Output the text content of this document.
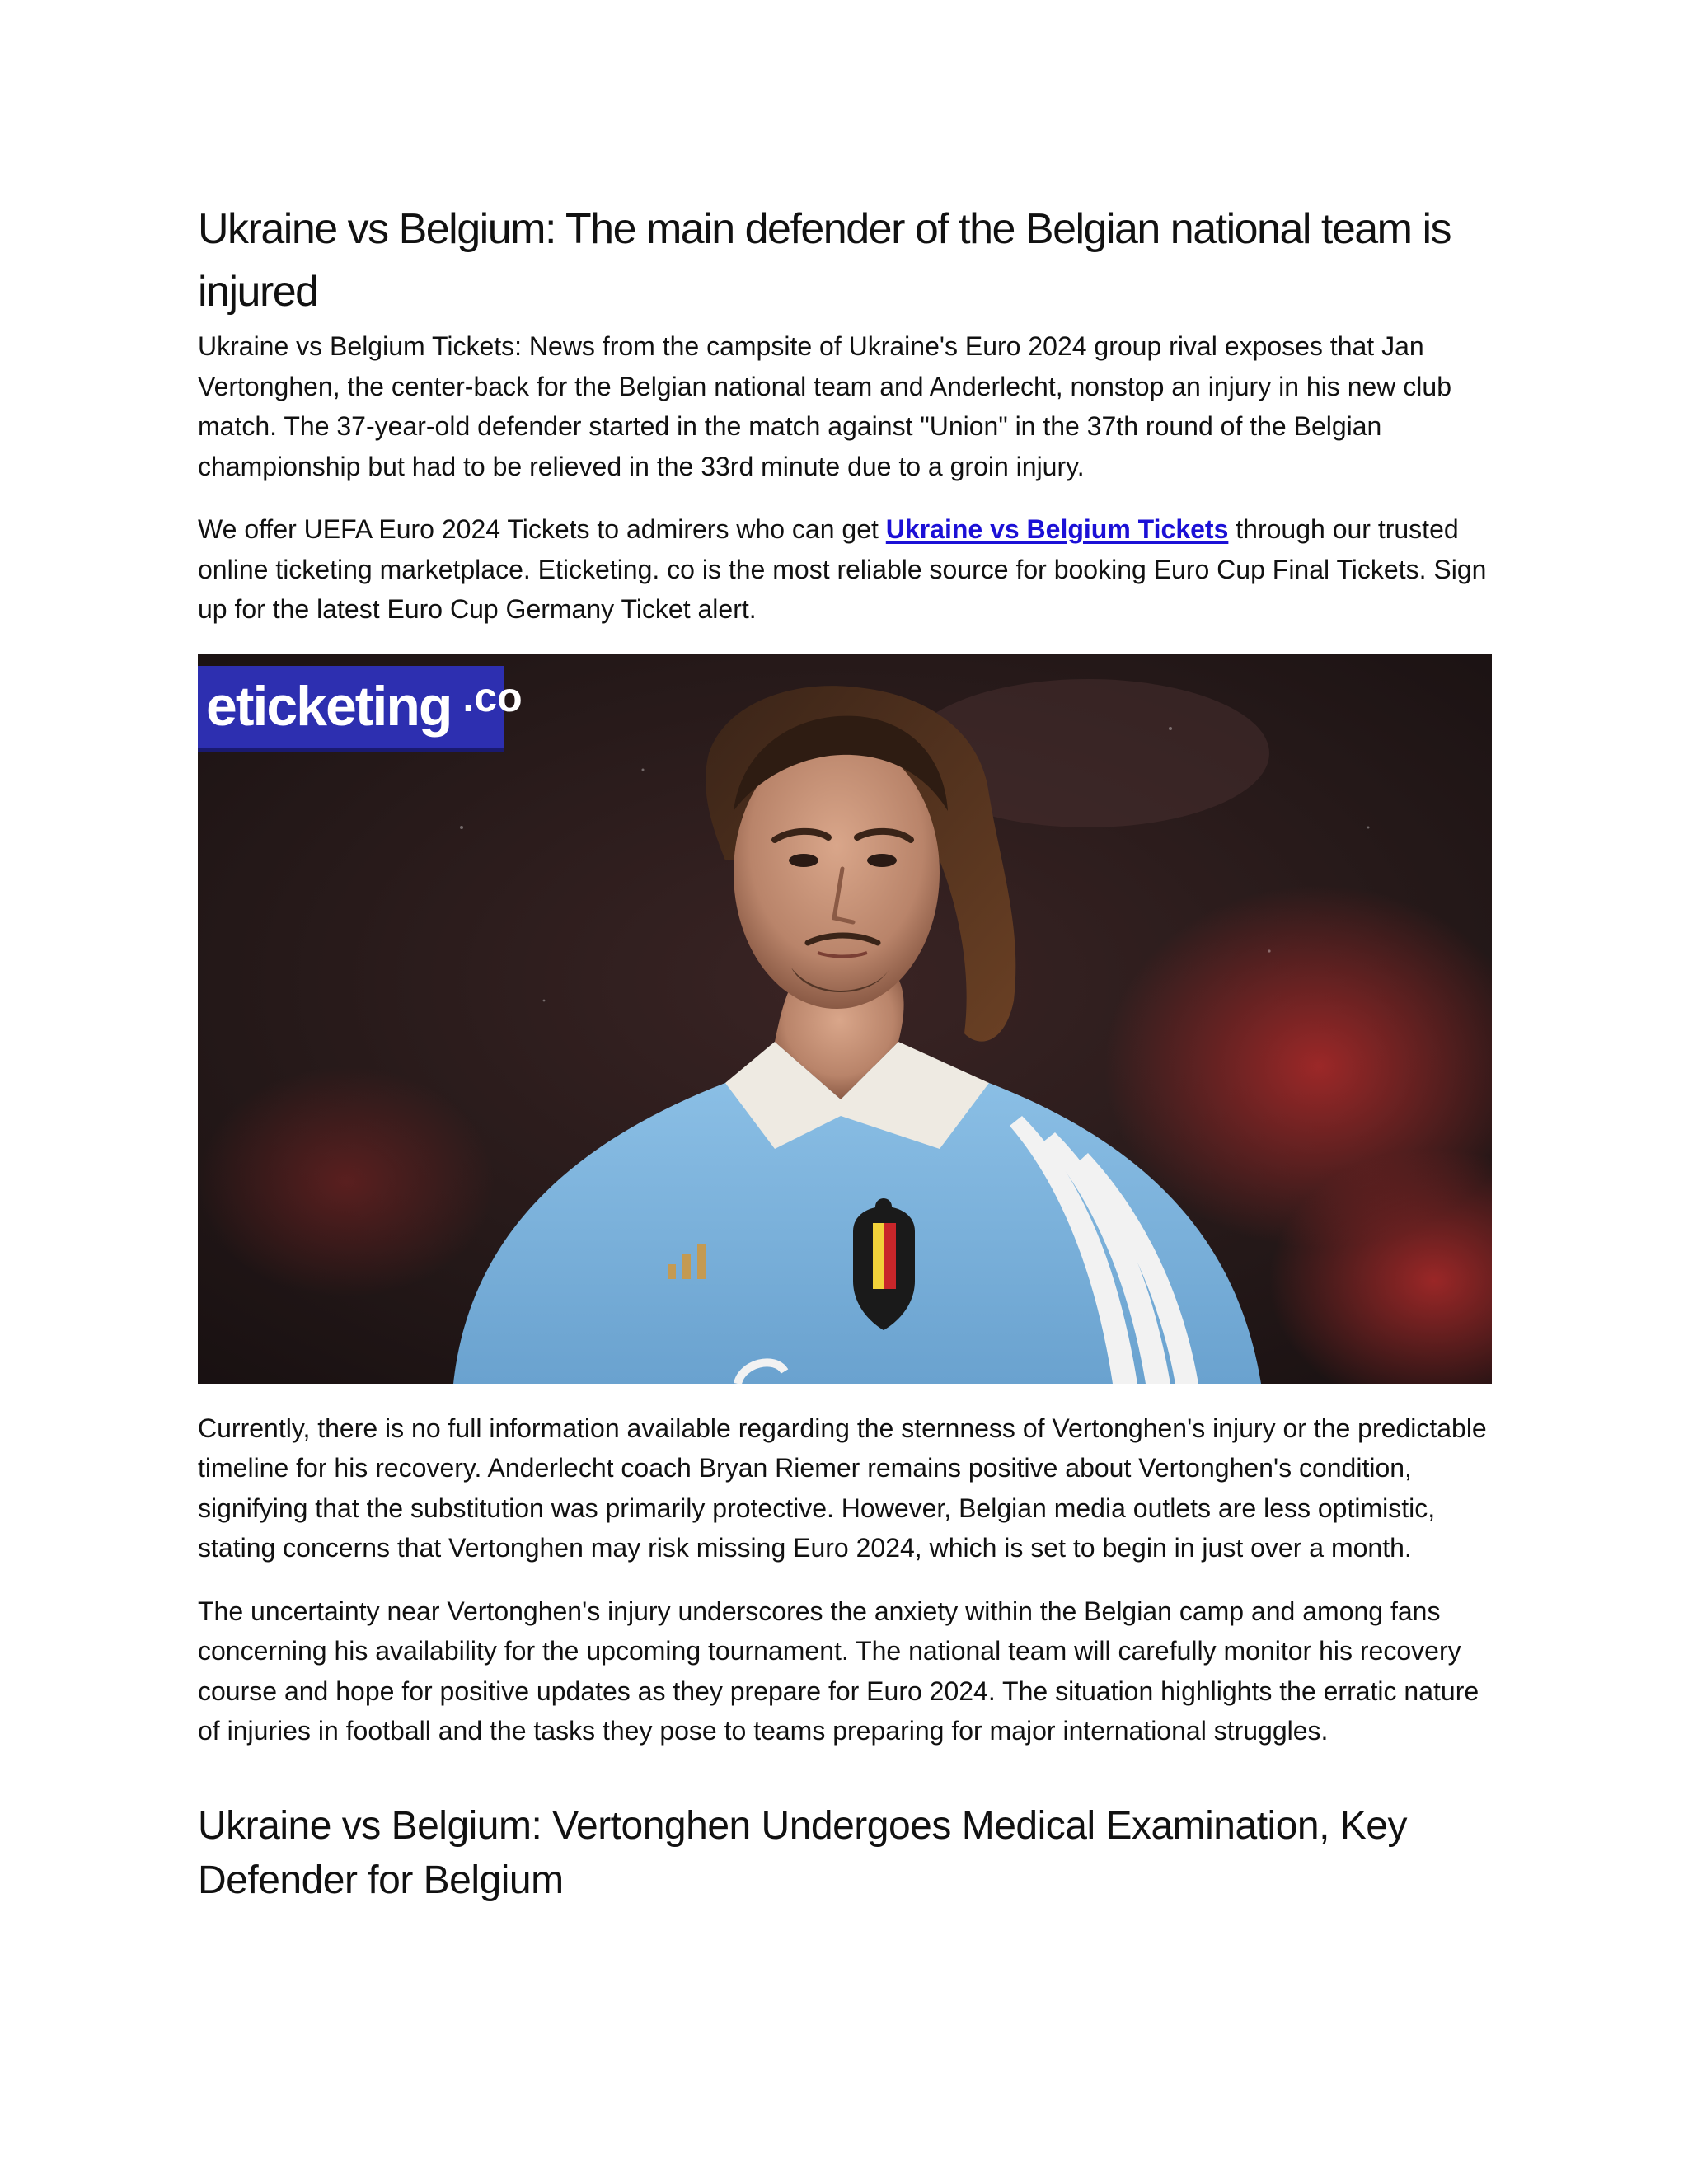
Ukraine vs Belgium: The main defender of the Belgian national team is injured

Ukraine vs Belgium Tickets: News from the campsite of Ukraine's Euro 2024 group rival exposes that Jan Vertonghen, the center-back for the Belgian national team and Anderlecht, nonstop an injury in his new club match. The 37-year-old defender started in the match against "Union" in the 37th round of the Belgian championship but had to be relieved in the 33rd minute due to a groin injury.

We offer UEFA Euro 2024 Tickets to admirers who can get Ukraine vs Belgium Tickets through our trusted online ticketing marketplace. Eticketing. co is the most reliable source for booking Euro Cup Final Tickets. Sign up for the latest Euro Cup Germany Ticket alert.

eticketing .co

Currently, there is no full information available regarding the sternness of Vertonghen's injury or the predictable timeline for his recovery. Anderlecht coach Bryan Riemer remains positive about Vertonghen's condition, signifying that the substitution was primarily protective. However, Belgian media outlets are less optimistic, stating concerns that Vertonghen may risk missing Euro 2024, which is set to begin in just over a month.

The uncertainty near Vertonghen's injury underscores the anxiety within the Belgian camp and among fans concerning his availability for the upcoming tournament. The national team will carefully monitor his recovery course and hope for positive updates as they prepare for Euro 2024. The situation highlights the erratic nature of injuries in football and the tasks they pose to teams preparing for major international struggles.

Ukraine vs Belgium: Vertonghen Undergoes Medical Examination, Key Defender for Belgium
